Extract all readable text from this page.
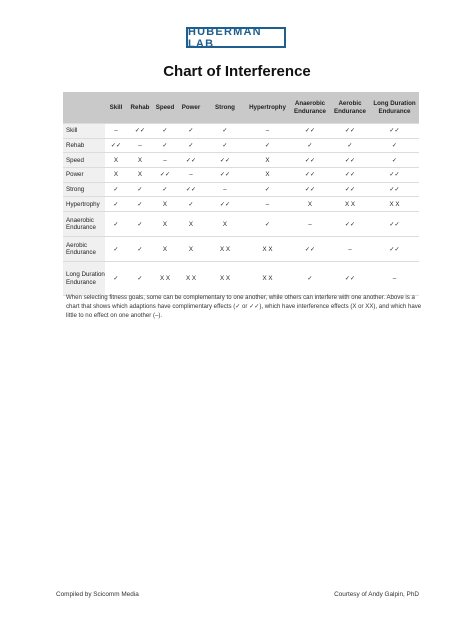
HUBERMAN LAB
Chart of Interference
	Skill	Rehab	Speed	Power	Strong	Hypertrophy	Anaerobic Endurance	Aerobic Endurance	Long Duration Endurance
Skill	–	✓✓	✓	✓	✓	–	✓✓	✓✓	✓✓
Rehab	✓✓	–	✓	✓	✓	✓	✓	✓	✓
Speed	X	X	–	✓✓	✓✓	X	✓✓	✓✓	✓
Power	X	X	✓✓	–	✓✓	X	✓✓	✓✓	✓✓
Strong	✓	✓	✓	✓✓	–	✓	✓✓	✓✓	✓✓
Hypertrophy	✓	✓	X	✓	✓✓	–	X	X X	X X
Anaerobic Endurance	✓	✓	X	X	X	✓	–	✓✓	✓✓
Aerobic Endurance	✓	✓	X	X	X X	X X	✓✓	–	✓✓
Long Duration Endurance	✓	✓	X X	X X	X X	X X	✓	✓✓	–
When selecting fitness goals, some can be complementary to one another, while others can interfere with one another. Above is a chart that shows which adaptions have complimentary effects (✓ or ✓✓), which have interference effects (X or XX), and which have little to no effect on one another (–).
Compiled by Scicomm Media	Courtesy of Andy Galpin, PhD
